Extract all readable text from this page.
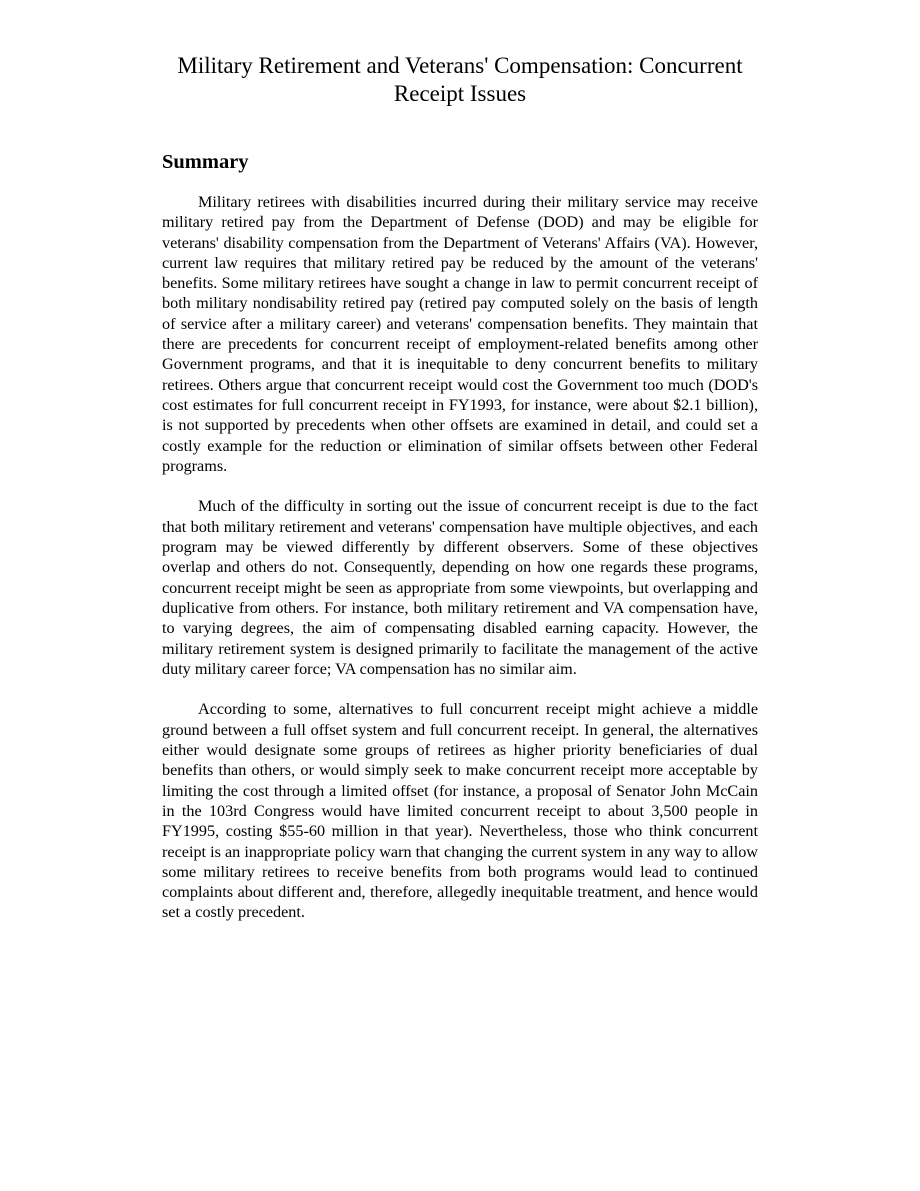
Military Retirement and Veterans' Compensation: Concurrent Receipt Issues
Summary

Military retirees with disabilities incurred during their military service may receive military retired pay from the Department of Defense (DOD) and may be eligible for veterans' disability compensation from the Department of Veterans' Affairs (VA). However, current law requires that military retired pay be reduced by the amount of the veterans' benefits. Some military retirees have sought a change in law to permit concurrent receipt of both military nondisability retired pay (retired pay computed solely on the basis of length of service after a military career) and veterans' compensation benefits. They maintain that there are precedents for concurrent receipt of employment-related benefits among other Government programs, and that it is inequitable to deny concurrent benefits to military retirees. Others argue that concurrent receipt would cost the Government too much (DOD's cost estimates for full concurrent receipt in FY1993, for instance, were about $2.1 billion), is not supported by precedents when other offsets are examined in detail, and could set a costly example for the reduction or elimination of similar offsets between other Federal programs.

Much of the difficulty in sorting out the issue of concurrent receipt is due to the fact that both military retirement and veterans' compensation have multiple objectives, and each program may be viewed differently by different observers. Some of these objectives overlap and others do not. Consequently, depending on how one regards these programs, concurrent receipt might be seen as appropriate from some viewpoints, but overlapping and duplicative from others. For instance, both military retirement and VA compensation have, to varying degrees, the aim of compensating disabled earning capacity. However, the military retirement system is designed primarily to facilitate the management of the active duty military career force; VA compensation has no similar aim.

According to some, alternatives to full concurrent receipt might achieve a middle ground between a full offset system and full concurrent receipt. In general, the alternatives either would designate some groups of retirees as higher priority beneficiaries of dual benefits than others, or would simply seek to make concurrent receipt more acceptable by limiting the cost through a limited offset (for instance, a proposal of Senator John McCain in the 103rd Congress would have limited concurrent receipt to about 3,500 people in FY1995, costing $55-60 million in that year). Nevertheless, those who think concurrent receipt is an inappropriate policy warn that changing the current system in any way to allow some military retirees to receive benefits from both programs would lead to continued complaints about different and, therefore, allegedly inequitable treatment, and hence would set a costly precedent.
